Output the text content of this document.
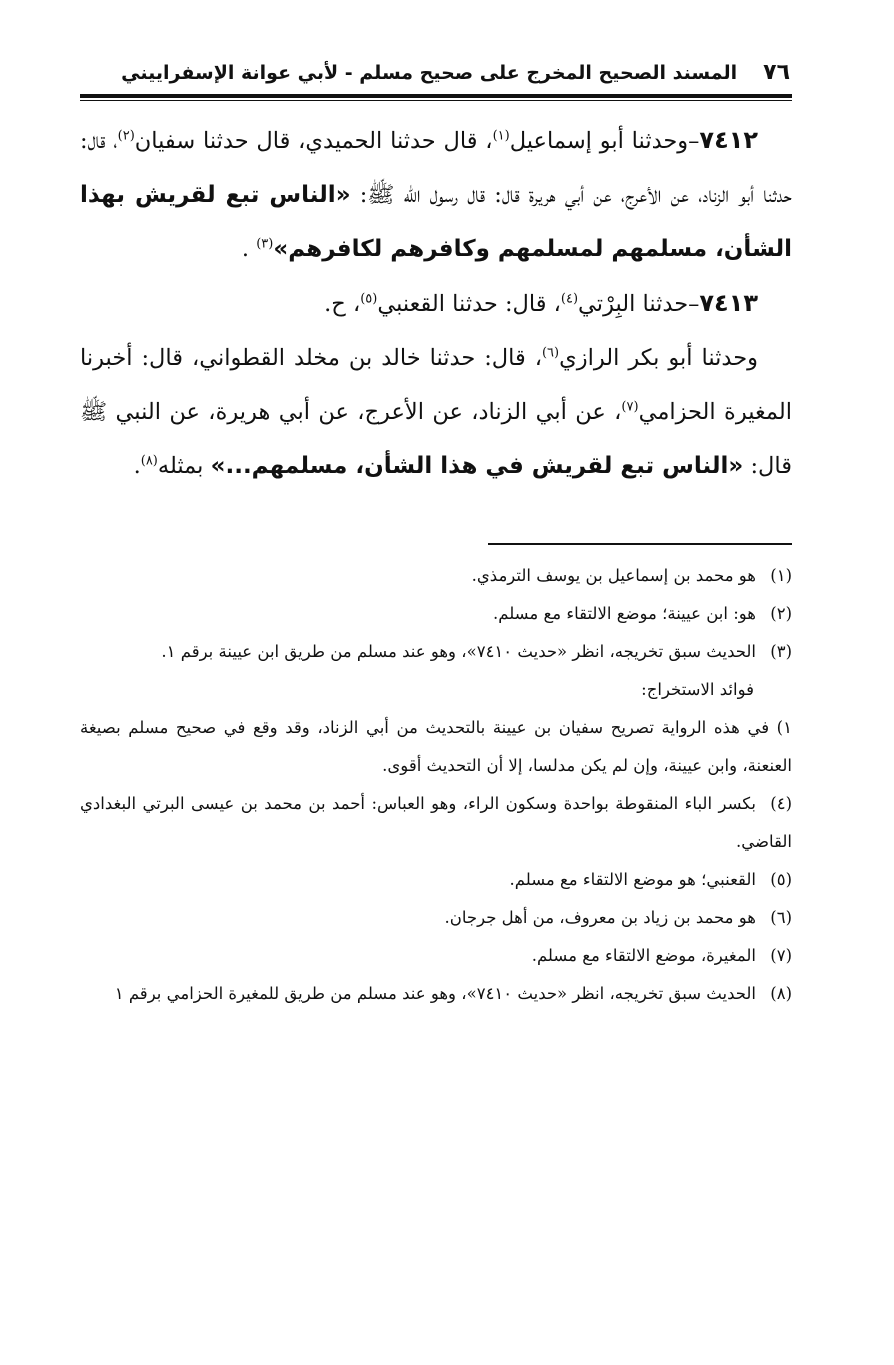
٧٦
المسند الصحيح المخرج على صحيح مسلم - لأبي عوانة الإسفراييني

٧٤١٢–وحدثنا أبو إسماعيل$^{(١)}$، قال حدثنا الحميدي، قال حدثنا سفيان$^{(٢)}$، قال: حدثنا أبو الزناد، عن الأعرج، عن أبي هريرة قال: قال رسول الله ﷺ: «الناس تبع لقريش بهذا الشأن، مسلمهم لمسلمهم وكافرهم لكافرهم»$^{(٣)}$ .

٧٤١٣–حدثنا البِرْتي$^{(٤)}$، قال: حدثنا القعنبي$^{(٥)}$، ح.

وحدثنا أبو بكر الرازي$^{(٦)}$، قال: حدثنا خالد بن مخلد القطواني، قال: أخبرنا المغيرة الحزامي$^{(٧)}$، عن أبي الزناد، عن الأعرج، عن أبي هريرة، عن النبي ﷺ قال: «الناس تبع لقريش في هذا الشأن، مسلمهم...» بمثله$^{(٨)}$.

(١)هو محمد بن إسماعيل بن يوسف الترمذي.

(٢)هو: ابن عيينة؛ موضع الالتقاء مع مسلم.

(٣)الحديث سبق تخريجه، انظر «حديث ٧٤١٠»، وهو عند مسلم من طريق ابن عيينة برقم ١.

فوائد الاستخراج:

١) في هذه الرواية تصريح سفيان بن عيينة بالتحديث من أبي الزناد، وقد وقع في صحيح مسلم بصيغة العنعنة، وابن عيينة، وإن لم يكن مدلسا، إلا أن التحديث أقوى.

(٤)بكسر الباء المنقوطة بواحدة وسكون الراء، وهو العباس: أحمد بن محمد بن عيسى البرتي البغدادي القاضي.

(٥)القعنبي؛ هو موضع الالتقاء مع مسلم.

(٦)هو محمد بن زياد بن معروف، من أهل جرجان.

(٧)المغيرة، موضع الالتقاء مع مسلم.

(٨)الحديث سبق تخريجه، انظر «حديث ٧٤١٠»، وهو عند مسلم من طريق للمغيرة الحزامي برقم ١
